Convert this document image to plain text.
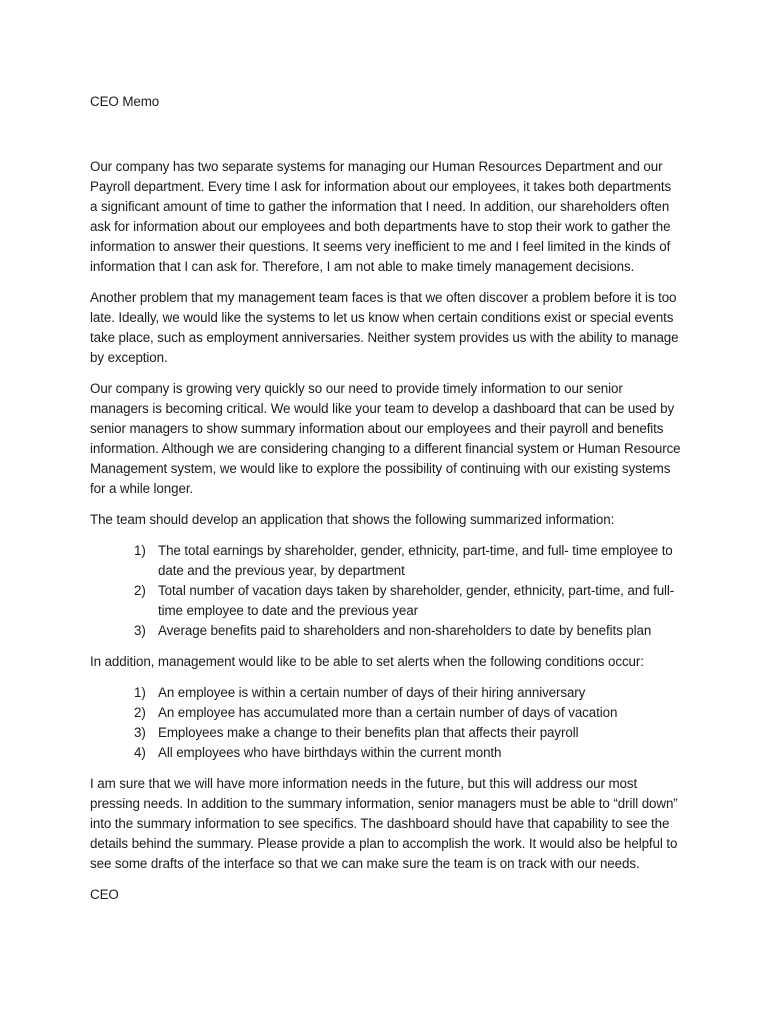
CEO Memo

Our company has two separate systems for managing our Human Resources Department and our Payroll department. Every time I ask for information about our employees, it takes both departments a significant amount of time to gather the information that I need. In addition, our shareholders often ask for information about our employees and both departments have to stop their work to gather the information to answer their questions. It seems very inefficient to me and I feel limited in the kinds of information that I can ask for. Therefore, I am not able to make timely management decisions.

Another problem that my management team faces is that we often discover a problem before it is too late. Ideally, we would like the systems to let us know when certain conditions exist or special events take place, such as employment anniversaries. Neither system provides us with the ability to manage by exception.

Our company is growing very quickly so our need to provide timely information to our senior managers is becoming critical. We would like your team to develop a dashboard that can be used by senior managers to show summary information about our employees and their payroll and benefits information. Although we are considering changing to a different financial system or Human Resource Management system, we would like to explore the possibility of continuing with our existing systems for a while longer.

The team should develop an application that shows the following summarized information:

1) The total earnings by shareholder, gender, ethnicity, part-time, and full- time employee to date and the previous year, by department
2) Total number of vacation days taken by shareholder, gender, ethnicity, part-time, and full-time employee to date and the previous year
3) Average benefits paid to shareholders and non-shareholders to date by benefits plan

In addition, management would like to be able to set alerts when the following conditions occur:

1) An employee is within a certain number of days of their hiring anniversary
2) An employee has accumulated more than a certain number of days of vacation
3) Employees make a change to their benefits plan that affects their payroll
4) All employees who have birthdays within the current month

I am sure that we will have more information needs in the future, but this will address our most pressing needs. In addition to the summary information, senior managers must be able to “drill down” into the summary information to see specifics. The dashboard should have that capability to see the details behind the summary. Please provide a plan to accomplish the work. It would also be helpful to see some drafts of the interface so that we can make sure the team is on track with our needs.

CEO
